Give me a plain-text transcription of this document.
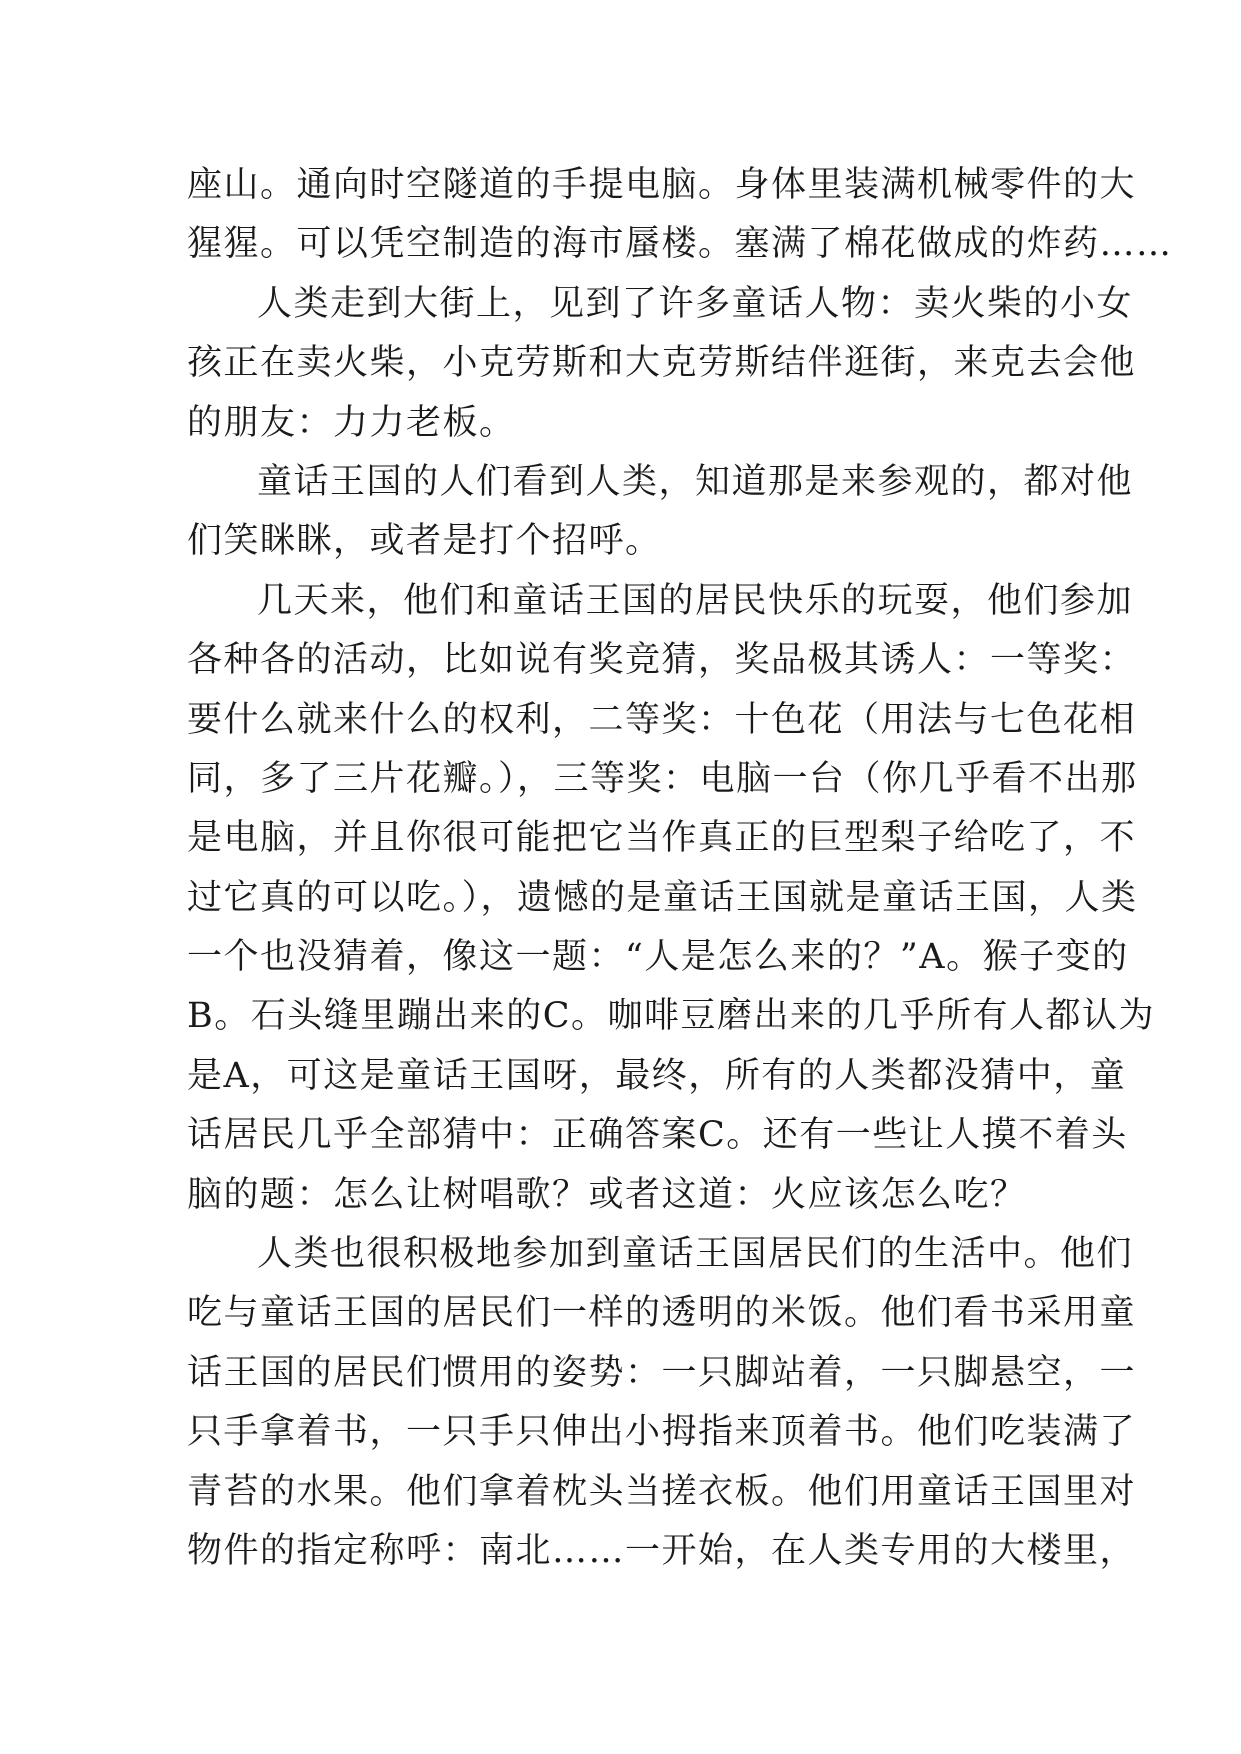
座山。通向时空隧道的手提电脑。身体里装满机械零件的大
猩猩。可以凭空制造的海市蜃楼。塞满了棉花做成的炸药……
人类走到大街上，见到了许多童话人物：卖火柴的小女
孩正在卖火柴，小克劳斯和大克劳斯结伴逛街，来克去会他
的朋友：力力老板。
童话王国的人们看到人类，知道那是来参观的，都对他
们笑眯眯，或者是打个招呼。
几天来，他们和童话王国的居民快乐的玩耍，他们参加
各种各的活动，比如说有奖竞猜，奖品极其诱人：一等奖：
要什么就来什么的权利，二等奖：十色花（用法与七色花相
同，多了三片花瓣。），三等奖：电脑一台（你几乎看不出那
是电脑，并且你很可能把它当作真正的巨型梨子给吃了，不
过它真的可以吃。），遗憾的是童话王国就是童话王国，人类
一个也没猜着，像这一题：“人是怎么来的？”A。猴子变的
B。石头缝里蹦出来的C。咖啡豆磨出来的几乎所有人都认为
是A，可这是童话王国呀，最终，所有的人类都没猜中，童
话居民几乎全部猜中：正确答案C。还有一些让人摸不着头
脑的题：怎么让树唱歌？或者这道：火应该怎么吃？
人类也很积极地参加到童话王国居民们的生活中。他们
吃与童话王国的居民们一样的透明的米饭。他们看书采用童
话王国的居民们惯用的姿势：一只脚站着，一只脚悬空，一
只手拿着书，一只手只伸出小拇指来顶着书。他们吃装满了
青苔的水果。他们拿着枕头当搓衣板。他们用童话王国里对
物件的指定称呼：南北……一开始，在人类专用的大楼里，
